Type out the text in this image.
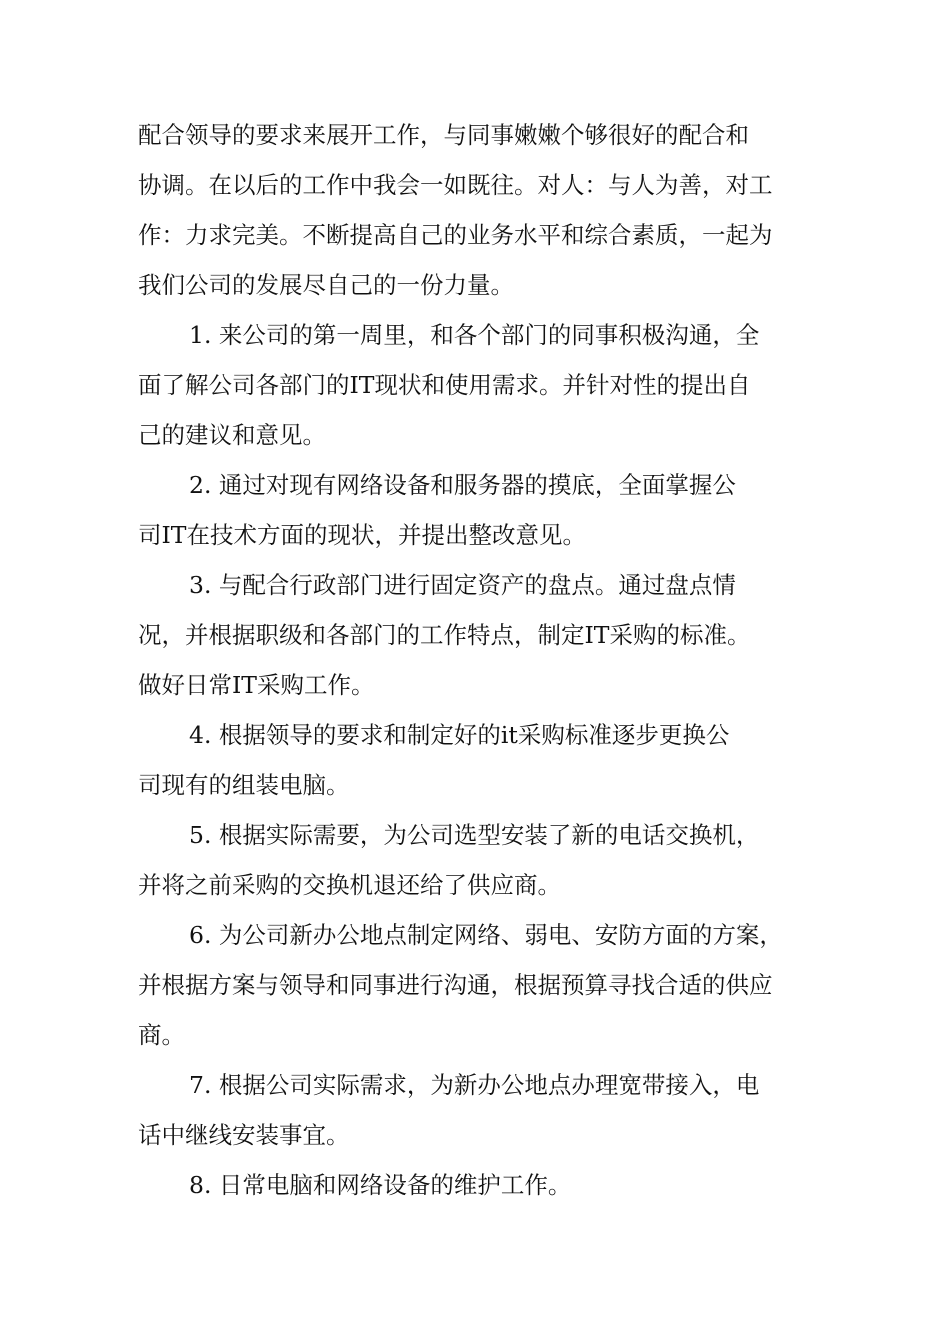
配合领导的要求来展开工作，与同事嫩嫩个够很好的配合和
协调。在以后的工作中我会一如既往。对人：与人为善，对工
作：力求完美。不断提高自己的业务水平和综合素质，一起为
我们公司的发展尽自己的一份力量。
1. 来公司的第一周里，和各个部门的同事积极沟通，全
面了解公司各部门的IT现状和使用需求。并针对性的提出自
己的建议和意见。
2. 通过对现有网络设备和服务器的摸底，全面掌握公
司IT在技术方面的现状，并提出整改意见。
3. 与配合行政部门进行固定资产的盘点。通过盘点情
况，并根据职级和各部门的工作特点，制定IT采购的标准。
做好日常IT采购工作。
4. 根据领导的要求和制定好的it采购标准逐步更换公
司现有的组装电脑。
5. 根据实际需要，为公司选型安装了新的电话交换机，
并将之前采购的交换机退还给了供应商。
6. 为公司新办公地点制定网络、弱电、安防方面的方案，
并根据方案与领导和同事进行沟通，根据预算寻找合适的供应
商。
7. 根据公司实际需求，为新办公地点办理宽带接入，电
话中继线安装事宜。
8. 日常电脑和网络设备的维护工作。
